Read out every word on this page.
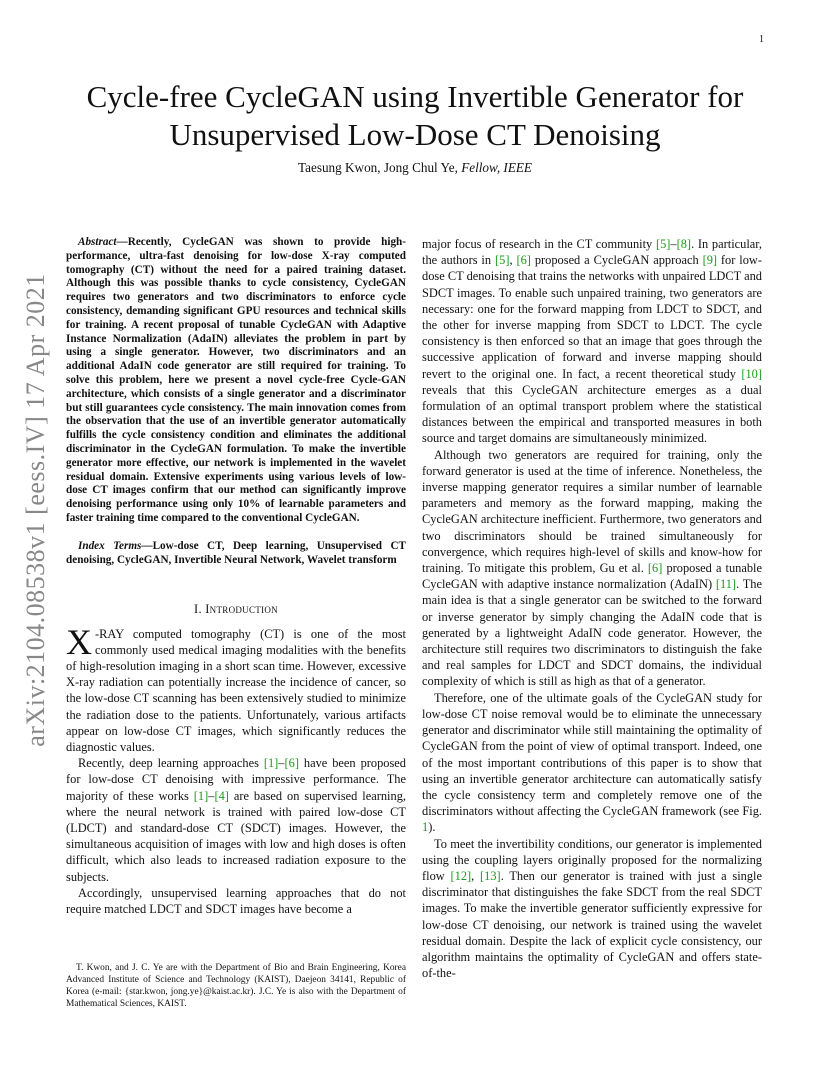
1
arXiv:2104.08538v1 [eess.IV] 17 Apr 2021
Cycle-free CycleGAN using Invertible Generator for Unsupervised Low-Dose CT Denoising
Taesung Kwon, Jong Chul Ye, Fellow, IEEE

Abstract—Recently, CycleGAN was shown to provide high-performance, ultra-fast denoising for low-dose X-ray computed tomography (CT) without the need for a paired training dataset. Although this was possible thanks to cycle consistency, CycleGAN requires two generators and two discriminators to enforce cycle consistency, demanding significant GPU resources and technical skills for training. A recent proposal of tunable CycleGAN with Adaptive Instance Normalization (AdaIN) alleviates the problem in part by using a single generator. However, two discriminators and an additional AdaIN code generator are still required for training. To solve this problem, here we present a novel cycle-free Cycle-GAN architecture, which consists of a single generator and a discriminator but still guarantees cycle consistency. The main innovation comes from the observation that the use of an invertible generator automatically fulfills the cycle consistency condition and eliminates the additional discriminator in the CycleGAN formulation. To make the invertible generator more effective, our network is implemented in the wavelet residual domain. Extensive experiments using various levels of low-dose CT images confirm that our method can significantly improve denoising performance using only 10% of learnable parameters and faster training time compared to the conventional CycleGAN.

Index Terms—Low-dose CT, Deep learning, Unsupervised CT denoising, CycleGAN, Invertible Neural Network, Wavelet transform

I. Introduction

X -RAY computed tomography (CT) is one of the most commonly used medical imaging modalities with the benefits of high-resolution imaging in a short scan time. However, excessive X-ray radiation can potentially increase the incidence of cancer, so the low-dose CT scanning has been extensively studied to minimize the radiation dose to the patients. Unfortunately, various artifacts appear on low-dose CT images, which significantly reduces the diagnostic values.

Recently, deep learning approaches [1]–[6] have been proposed for low-dose CT denoising with impressive performance. The majority of these works [1]–[4] are based on supervised learning, where the neural network is trained with paired low-dose CT (LDCT) and standard-dose CT (SDCT) images. However, the simultaneous acquisition of images with low and high doses is often difficult, which also leads to increased radiation exposure to the subjects.

Accordingly, unsupervised learning approaches that do not require matched LDCT and SDCT images have become a

T. Kwon, and J. C. Ye are with the Department of Bio and Brain Engineering, Korea Advanced Institute of Science and Technology (KAIST), Daejeon 34141, Republic of Korea (e-mail: {star.kwon, jong.ye}@kaist.ac.kr). J.C. Ye is also with the Department of Mathematical Sciences, KAIST.

major focus of research in the CT community [5]–[8]. In particular, the authors in [5], [6] proposed a CycleGAN approach [9] for low-dose CT denoising that trains the networks with unpaired LDCT and SDCT images. To enable such unpaired training, two generators are necessary: one for the forward mapping from LDCT to SDCT, and the other for inverse mapping from SDCT to LDCT. The cycle consistency is then enforced so that an image that goes through the successive application of forward and inverse mapping should revert to the original one. In fact, a recent theoretical study [10] reveals that this CycleGAN architecture emerges as a dual formulation of an optimal transport problem where the statistical distances between the empirical and transported measures in both source and target domains are simultaneously minimized.

Although two generators are required for training, only the forward generator is used at the time of inference. Nonetheless, the inverse mapping generator requires a similar number of learnable parameters and memory as the forward mapping, making the CycleGAN architecture inefficient. Furthermore, two generators and two discriminators should be trained simultaneously for convergence, which requires high-level of skills and know-how for training. To mitigate this problem, Gu et al. [6] proposed a tunable CycleGAN with adaptive instance normalization (AdaIN) [11]. The main idea is that a single generator can be switched to the forward or inverse generator by simply changing the AdaIN code that is generated by a lightweight AdaIN code generator. However, the architecture still requires two discriminators to distinguish the fake and real samples for LDCT and SDCT domains, the individual complexity of which is still as high as that of a generator.

Therefore, one of the ultimate goals of the CycleGAN study for low-dose CT noise removal would be to eliminate the unnecessary generator and discriminator while still maintaining the optimality of CycleGAN from the point of view of optimal transport. Indeed, one of the most important contributions of this paper is to show that using an invertible generator architecture can automatically satisfy the cycle consistency term and completely remove one of the discriminators without affecting the CycleGAN framework (see Fig. 1).

To meet the invertibility conditions, our generator is implemented using the coupling layers originally proposed for the normalizing flow [12], [13]. Then our generator is trained with just a single discriminator that distinguishes the fake SDCT from the real SDCT images. To make the invertible generator sufficiently expressive for low-dose CT denoising, our network is trained using the wavelet residual domain. Despite the lack of explicit cycle consistency, our algorithm maintains the optimality of CycleGAN and offers state-of-the-
